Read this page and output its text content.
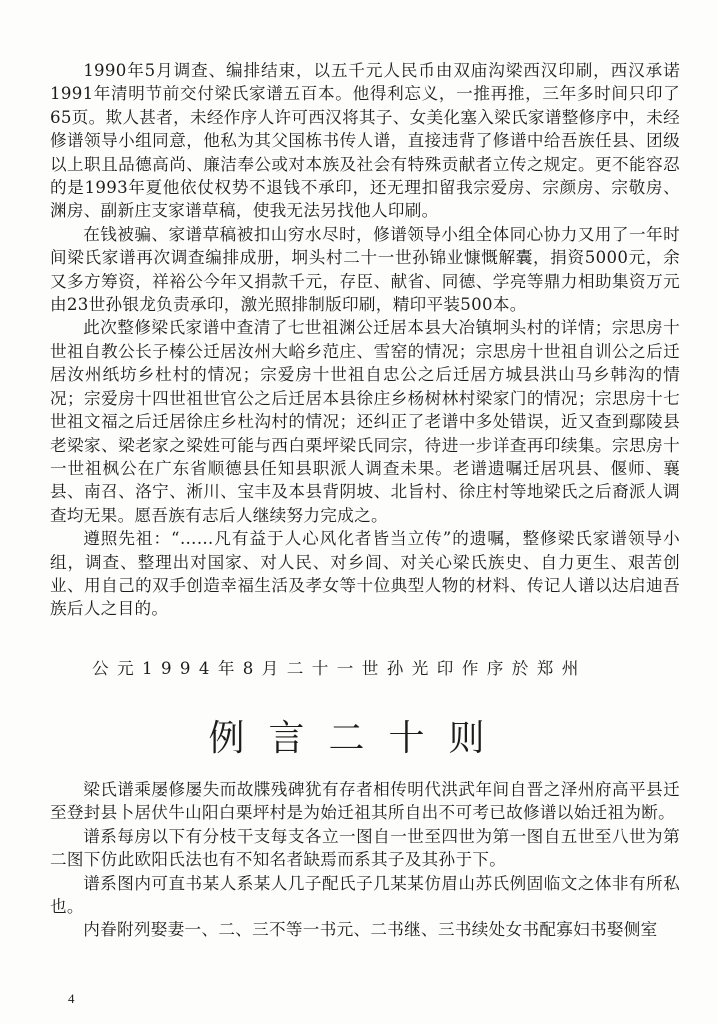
1990年5月调查、编排结束，以五千元人民币由双庙沟梁西汉印刷，西汉承诺1991年清明节前交付梁氏家谱五百本。他得利忘义，一推再推，三年多时间只印了65页。欺人甚者，未经作序人许可西汉将其子、女美化塞入梁氏家谱整修序中，未经修谱领导小组同意，他私为其父国栋书传人谱，直接违背了修谱中给吾族任县、团级以上职且品德高尚、廉洁奉公或对本族及社会有特殊贡献者立传之规定。更不能容忍的是1993年夏他依仗权势不退钱不承印，还无理扣留我宗爱房、宗颜房、宗敬房、渊房、副新庄支家谱草稿，使我无法另找他人印刷。

在钱被骗、家谱草稿被扣山穷水尽时，修谱领导小组全体同心协力又用了一年时间梁氏家谱再次调查编排成册，坰头村二十一世孙锦业慷慨解囊，捐资5000元，余又多方筹资，祥裕公今年又捐款千元，存臣、献省、同德、学亮等鼎力相助集资万元由23世孙银龙负责承印，激光照排制版印刷，精印平装500本。

此次整修梁氏家谱中查清了七世祖渊公迁居本县大冶镇坰头村的详情；宗思房十世祖自教公长子榛公迁居汝州大峪乡范庄、雪窑的情况；宗思房十世祖自训公之后迁居汝州纸坊乡杜村的情况；宗爱房十世祖自忠公之后迁居方城县洪山马乡韩沟的情况；宗爱房十四世祖世官公之后迁居本县徐庄乡杨树林村梁家门的情况；宗思房十七世祖文福之后迁居徐庄乡杜沟村的情况；还纠正了老谱中多处错误，近又查到鄢陵县老梁家、梁老家之梁姓可能与西白栗坪梁氏同宗，待进一步详查再印续集。宗思房十一世祖枫公在广东省顺德县任知县职派人调查未果。老谱遗嘱迁居巩县、偃师、襄县、南召、洛宁、淅川、宝丰及本县背阴坡、北旨村、徐庄村等地梁氏之后裔派人调查均无果。愿吾族有志后人继续努力完成之。

遵照先祖：“……凡有益于人心风化者皆当立传”的遗嘱，整修梁氏家谱领导小组，调查、整理出对国家、对人民、对乡闾、对关心梁氏族史、自力更生、艰苦创业、用自己的双手创造幸福生活及孝女等十位典型人物的材料、传记人谱以达启迪吾族后人之目的。

公元1994年8月二十一世孙光印作序於郑州
例言二十则

梁氏谱乘屡修屡失而故牒残碑犹有存者相传明代洪武年间自晋之泽州府高平县迁至登封县卜居伏牛山阳白栗坪村是为始迁祖其所自出不可考已故修谱以始迁祖为断。

谱系每房以下有分枝干支每支各立一图自一世至四世为第一图自五世至八世为第二图下仿此欧阳氏法也有不知名者缺焉而系其子及其孙于下。

谱系图内可直书某人系某人几子配氏子几某某仿眉山苏氏例固临文之体非有所私也。

内眷附列娶妻一、二、三不等一书元、二书继、三书续处女书配寡妇书娶侧室

4
